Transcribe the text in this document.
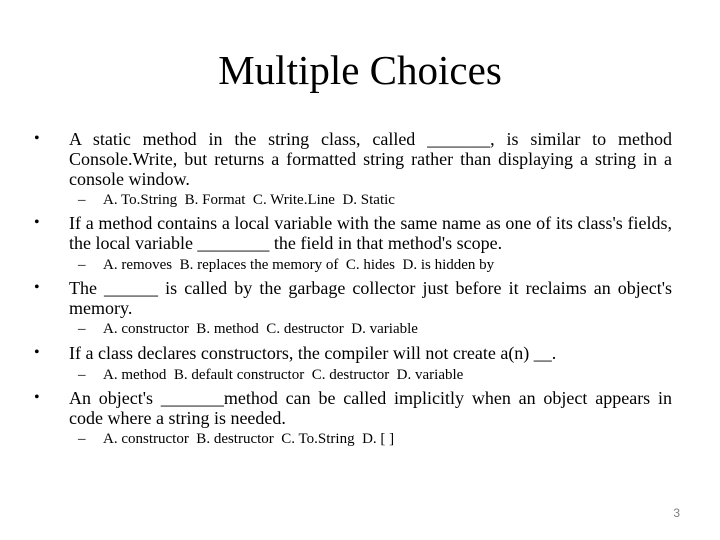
Multiple Choices
• A static method in the string class, called _______, is similar to method Console.Write, but returns a formatted string rather than displaying a string in a console window.
– A. To.String  B. Format  C. Write.Line  D. Static
• If a method contains a local variable with the same name as one of its class's fields, the local variable ________ the field in that method's scope.
– A. removes  B. replaces the memory of  C. hides  D. is hidden by
• The ______ is called by the garbage collector just before it reclaims an object's memory.
– A. constructor  B. method  C. destructor  D. variable
• If a class declares constructors, the compiler will not create a(n) __.
– A. method  B. default constructor  C. destructor  D. variable
• An object's _______method can be called implicitly when an object appears in code where a string is needed.
– A. constructor  B. destructor  C. To.String  D. [ ]
3
